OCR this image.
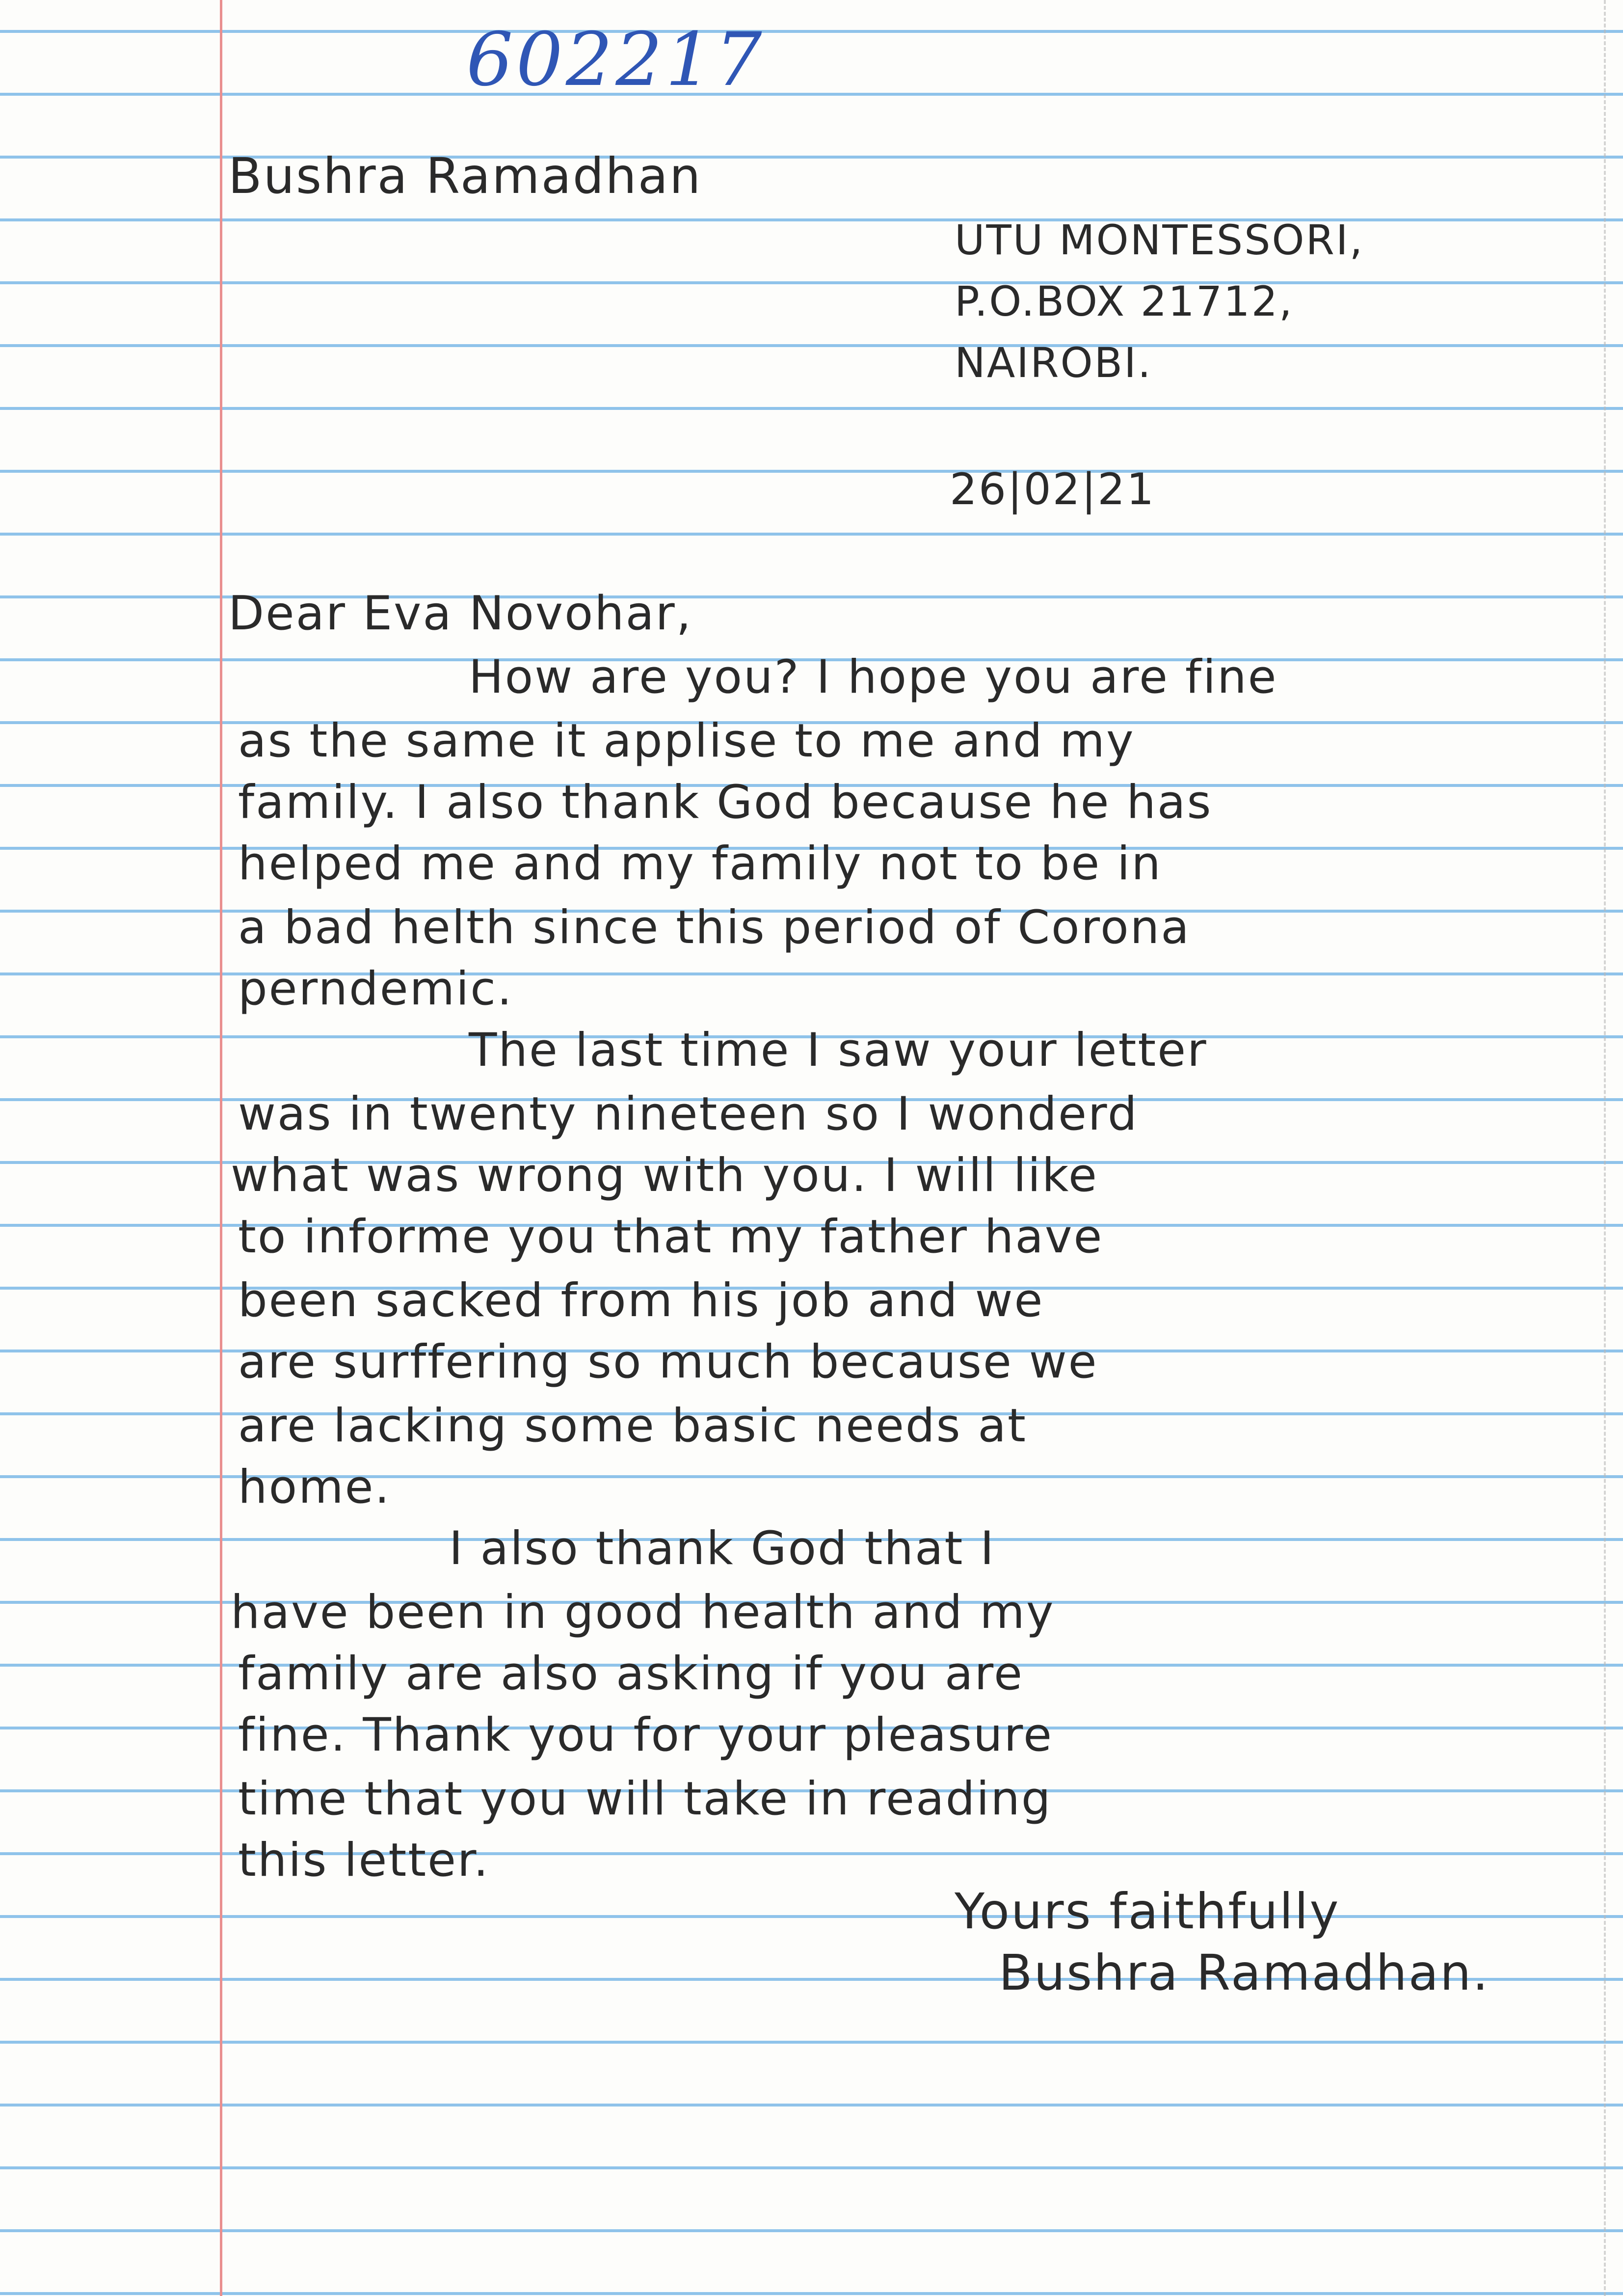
602217
Bushra Ramadhan
UTU MONTESSORI,
P.O.BOX 21712,
NAIROBI.
26|02|21
Dear Eva Novohar,
How are you? I hope you are fine
as the same it applise to me and my
family. I also thank God because he has
helped me and my family not to be in
a bad helth since this period of Corona
perndemic.
The last time I saw your letter
was in twenty nineteen so I wonderd
what was wrong with you. I will like
to informe you that my father have
been sacked from his job and we
are surffering so much because we
are lacking some basic needs at
home.
I also thank God that I
have been in good health and my
family are also asking if you are
fine. Thank you for your pleasure
time that you will take in reading
this letter.
Yours faithfully
Bushra Ramadhan.
